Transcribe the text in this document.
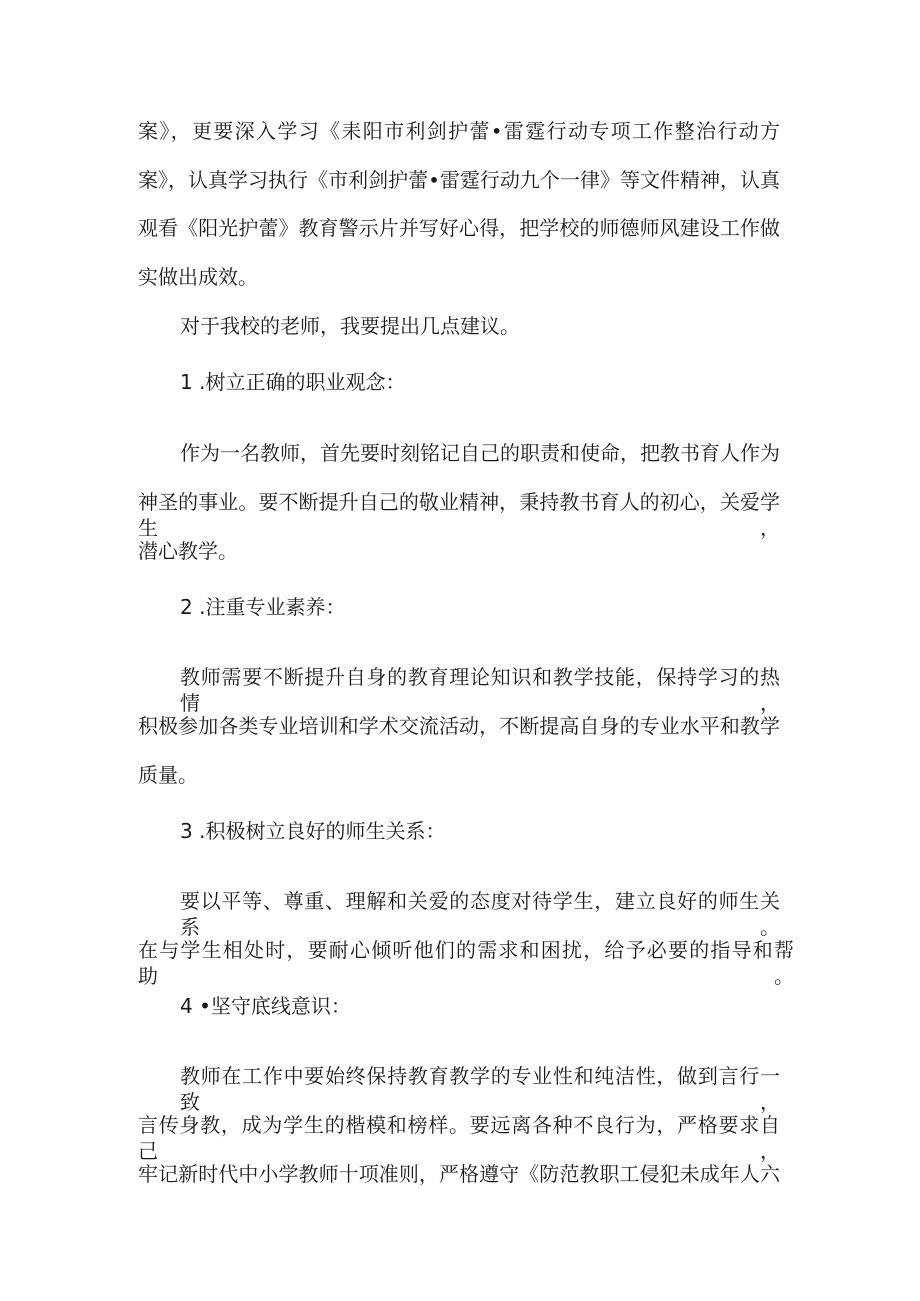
案》，更要深入学习《耒阳市利剑护蕾•雷霆行动专项工作整治行动方
案》，认真学习执行《市利剑护蕾•雷霆行动九个一律》等文件精神，认真
观看《阳光护蕾》教育警示片并写好心得，把学校的师德师风建设工作做
实做出成效。
对于我校的老师，我要提出几点建议。
1 .树立正确的职业观念：
作为一名教师，首先要时刻铭记自己的职责和使命，把教书育人作为
神圣的事业。要不断提升自己的敬业精神，秉持教书育人的初心，关爱学生，
潜心教学。
2 .注重专业素养：
教师需要不断提升自身的教育理论知识和教学技能，保持学习的热情，
积极参加各类专业培训和学术交流活动，不断提高自身的专业水平和教学
质量。
3 .积极树立良好的师生关系：
要以平等、尊重、理解和关爱的态度对待学生，建立良好的师生关系。
在与学生相处时，要耐心倾听他们的需求和困扰，给予必要的指导和帮助。
4 •坚守底线意识：
教师在工作中要始终保持教育教学的专业性和纯洁性，做到言行一致，
言传身教，成为学生的楷模和榜样。要远离各种不良行为，严格要求自己，
牢记新时代中小学教师十项准则，严格遵守《防范教职工侵犯未成年人六
